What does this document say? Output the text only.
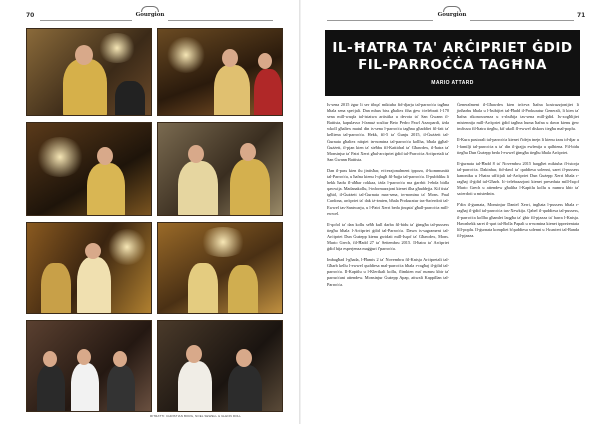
70	Gourgion	Gourgion	71
RITRATTI: CHRISTIAN BORG, NOEL SEWELL & GLENN ROLL
IL-ĦATRA TA' ARĊIPRIET ĠDID
FIL-PARROĊĊA TAGĦNA
MARIO ATTARD

Is-sena 2015 żgur li ser tibqa' miktuba fid-djarju tal-parroċċa tagħna bħala sena speċjali. Dan mhux biss għaliex fiha ġew ċċelebrati l-170 sena mill-waqfa tal-istatwa artistika u devota ta' San Ġwann il-Battista, kapulavur l-famuż scultur Beto Pedro Pawl Azzopardi, iżda wkoll għaliex matul din is-sena l-parroċċa tagħna għaddiet fil-fatt ta' kelliena tal-parroċċa. Hekk, fil-5 ta' Ġunju 2015, il-Ġużżett tal-Ġurnata għaliex nitqiet in-nomina tal-parroċċa kollha, bħala ġgħal-Ġużżett, il-pjan kien ta' sieħbu fil-Kattidral ta' Għawdex, il-ħatra ta' Monsinjur ta' Patri Xerri għal-arcipriet ġdid tal-Parroċċa Arċipretali ta' San Ġwann Battista.

Dan il-pass kien ilu jintisħar, eċċezzjonalment ippoza, il-kommunità tal-Parroċċa, u ħafna kienu l-qlugħ fil-ħajja tal-parroċċa. Il-pubbliku li hekk ħadu fl-aħħar rokkaa, iżda l-parroċċa ma ġarrbit l-ebda bidla qawwija. Madanakollu, l-informazzjoni kienet ilha għaddejja. Kif tista' tgħid, il-Ġużżett tal-Ġurnata mas-sena, in-nomina ta' Mons. Paul Cardona, arċipriet ta' dak iż-żmien, bħala Prokuratur tas-Saċerdoti tal-Ewwel tas-Santwarju, u l-Patri Xerri beda jinqata' għall-parroċċa mill-ewwel.

Il-qofol ta' dan kollu seħħ kull darba fil-bidu ta' ġimgħa tal-pussess tiegħu bħala l-Arċipriet ġdid tal-Parroċċa. Dawn is-sagrament tal-Arċipriet Dun Ġużepp kienu gwidati mill-Isqof ta' Għawdex, Mons. Mario Grech, fil-Ħadd 27 ta' Settembru 2015. Il-ħatra ta' Arċipriet ġdid hija esperjenza maġġuri f'parroċċa.

Imbagħad l-għada, l-Ħamis 2 ta' Novembru fil-Knisja Arċipretali tal-Għarb kellu l-ewwel quddiesa mal-parroċċa bħala r-ragħaj il-ġdid tal-parroċċa. Il-Kapitlu u l-Klerikali kollu, flimkien ma' numru kbir ta' parruċċani attendew. Monsinjur Ġużepp Apap, attwali Kappillan tal-Parroċċa.

Ġeneralment il-Għawdex kien irċieva ħafna kostruzzjonijiet li jinħarbu bħala u l-ħsibijiet tal-Ħadd il-Prokuratur Ġenerali, li kien ta' ħafna rikonoxxenza u s-sbuħija tas-sena mill-ġdid. Ix-xogħlijiet mistennija mill-Arċipriet ġdid tagħna huma ħafna u dawn kienu ġew imfissra fil-ħatra tiegħu, kif ukoll fl-ewwel diskors tiegħu mal-poplu.

Il-Kura pastorali tal-parroċċa kienet f'idejn tnejn li kienu żaru id-djar u l-familji tal-parroċċa u ta' din il-ġrajja ewlenija u qalbiena. Fil-bidu tiegħu Dun Ġużepp beda l-ewwel ġimgħa tiegħu bħala Arċipriet.

Il-ġurnata tal-Ħadd 8 ta' Novembru 2015 baqgħet miktuba fl-istorja tal-parroċċa. Dakinhar, fid-dawl ta' quddiesa solenni, saret il-pussess kanoniku u l-ħatra uffiċjali tal-Arċipriet Dun Ġużepp Xerri bħala r-ragħaj il-ġdid tal-Għarb. Iċ-ċelebrazzjoni kienet preseduta mill-Isqof Mario Grech u attendew għaliha l-Kapitlu kollu u numru kbir ta' saċerdoti u mistednin.

F'din il-ġurnata, Monsinjur Daniel Xerri, ingħata l-pussess bħala r-ragħaj il-ġdid tal-parroċċa tax-Xewkija. Qabel il-quddiesa tal-pussess, il-parroċċa kollha għamlet laqgħa ta' ġbir fil-pjazza ta' barra l-Knisja. Hawnhekk saret il-qari tal-Bolla Papali u n-nomina kienet ippreżentata lill-poplu. Il-ġurnata kompliet b'quddiesa solenni u l-kunċert tal-Banda fil-pjazza.
